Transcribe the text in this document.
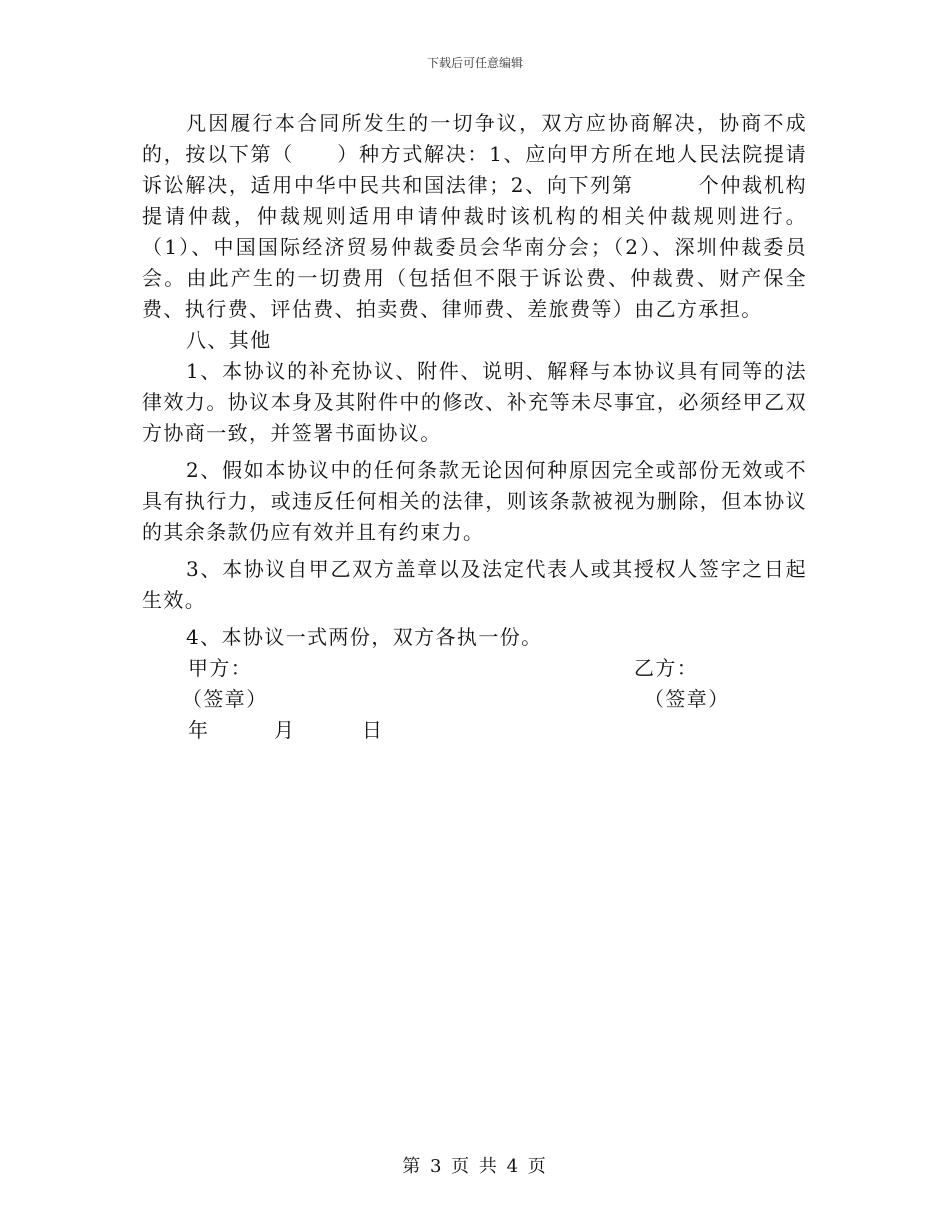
下载后可任意编辑

凡因履行本合同所发生的一切争议，双方应协商解决，协商不成的，按以下第（　　）种方式解决：1、应向甲方所在地人民法院提请诉讼解决，适用中华中民共和国法律；2、向下列第　　　个仲裁机构提请仲裁，仲裁规则适用申请仲裁时该机构的相关仲裁规则进行。（1）、中国国际经济贸易仲裁委员会华南分会；（2）、深圳仲裁委员会。由此产生的一切费用（包括但不限于诉讼费、仲裁费、财产保全费、执行费、评估费、拍卖费、律师费、差旅费等）由乙方承担。

八、其他

1、本协议的补充协议、附件、说明、解释与本协议具有同等的法律效力。协议本身及其附件中的修改、补充等未尽事宜，必须经甲乙双方协商一致，并签署书面协议。

2、假如本协议中的任何条款无论因何种原因完全或部份无效或不具有执行力，或违反任何相关的法律，则该条款被视为删除，但本协议的其余条款仍应有效并且有约束力。

3、本协议自甲乙双方盖章以及法定代表人或其授权人签字之日起生效。

4、本协议一式两份，双方各执一份。

甲方：	乙方：
（签章）	（签章）
年	月	日
第 3 页 共 4 页
